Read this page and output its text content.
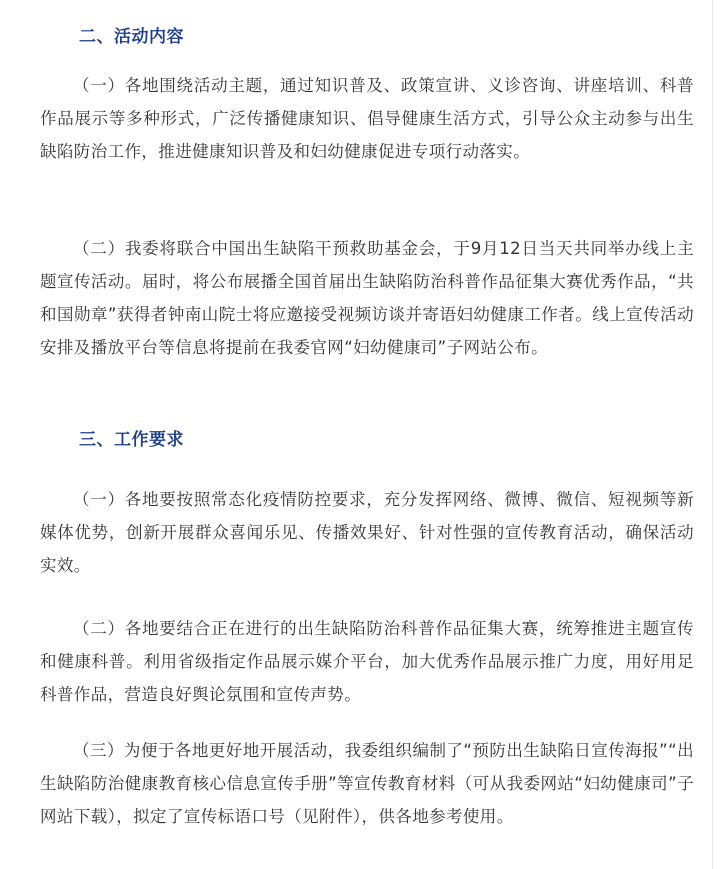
二、活动内容

（一）各地围绕活动主题，通过知识普及、政策宣讲、义诊咨询、讲座培训、科普作品展示等多种形式，广泛传播健康知识、倡导健康生活方式，引导公众主动参与出生缺陷防治工作，推进健康知识普及和妇幼健康促进专项行动落实。

（二）我委将联合中国出生缺陷干预救助基金会，于9月12日当天共同举办线上主题宣传活动。届时，将公布展播全国首届出生缺陷防治科普作品征集大赛优秀作品，“共和国勋章”获得者钟南山院士将应邀接受视频访谈并寄语妇幼健康工作者。线上宣传活动安排及播放平台等信息将提前在我委官网“妇幼健康司”子网站公布。

三、工作要求

（一）各地要按照常态化疫情防控要求，充分发挥网络、微博、微信、短视频等新媒体优势，创新开展群众喜闻乐见、传播效果好、针对性强的宣传教育活动，确保活动实效。

（二）各地要结合正在进行的出生缺陷防治科普作品征集大赛，统筹推进主题宣传和健康科普。利用省级指定作品展示媒介平台，加大优秀作品展示推广力度，用好用足科普作品，营造良好舆论氛围和宣传声势。

（三）为便于各地更好地开展活动，我委组织编制了“预防出生缺陷日宣传海报”“出生缺陷防治健康教育核心信息宣传手册”等宣传教育材料（可从我委网站“妇幼健康司”子网站下载），拟定了宣传标语口号（见附件），供各地参考使用。
